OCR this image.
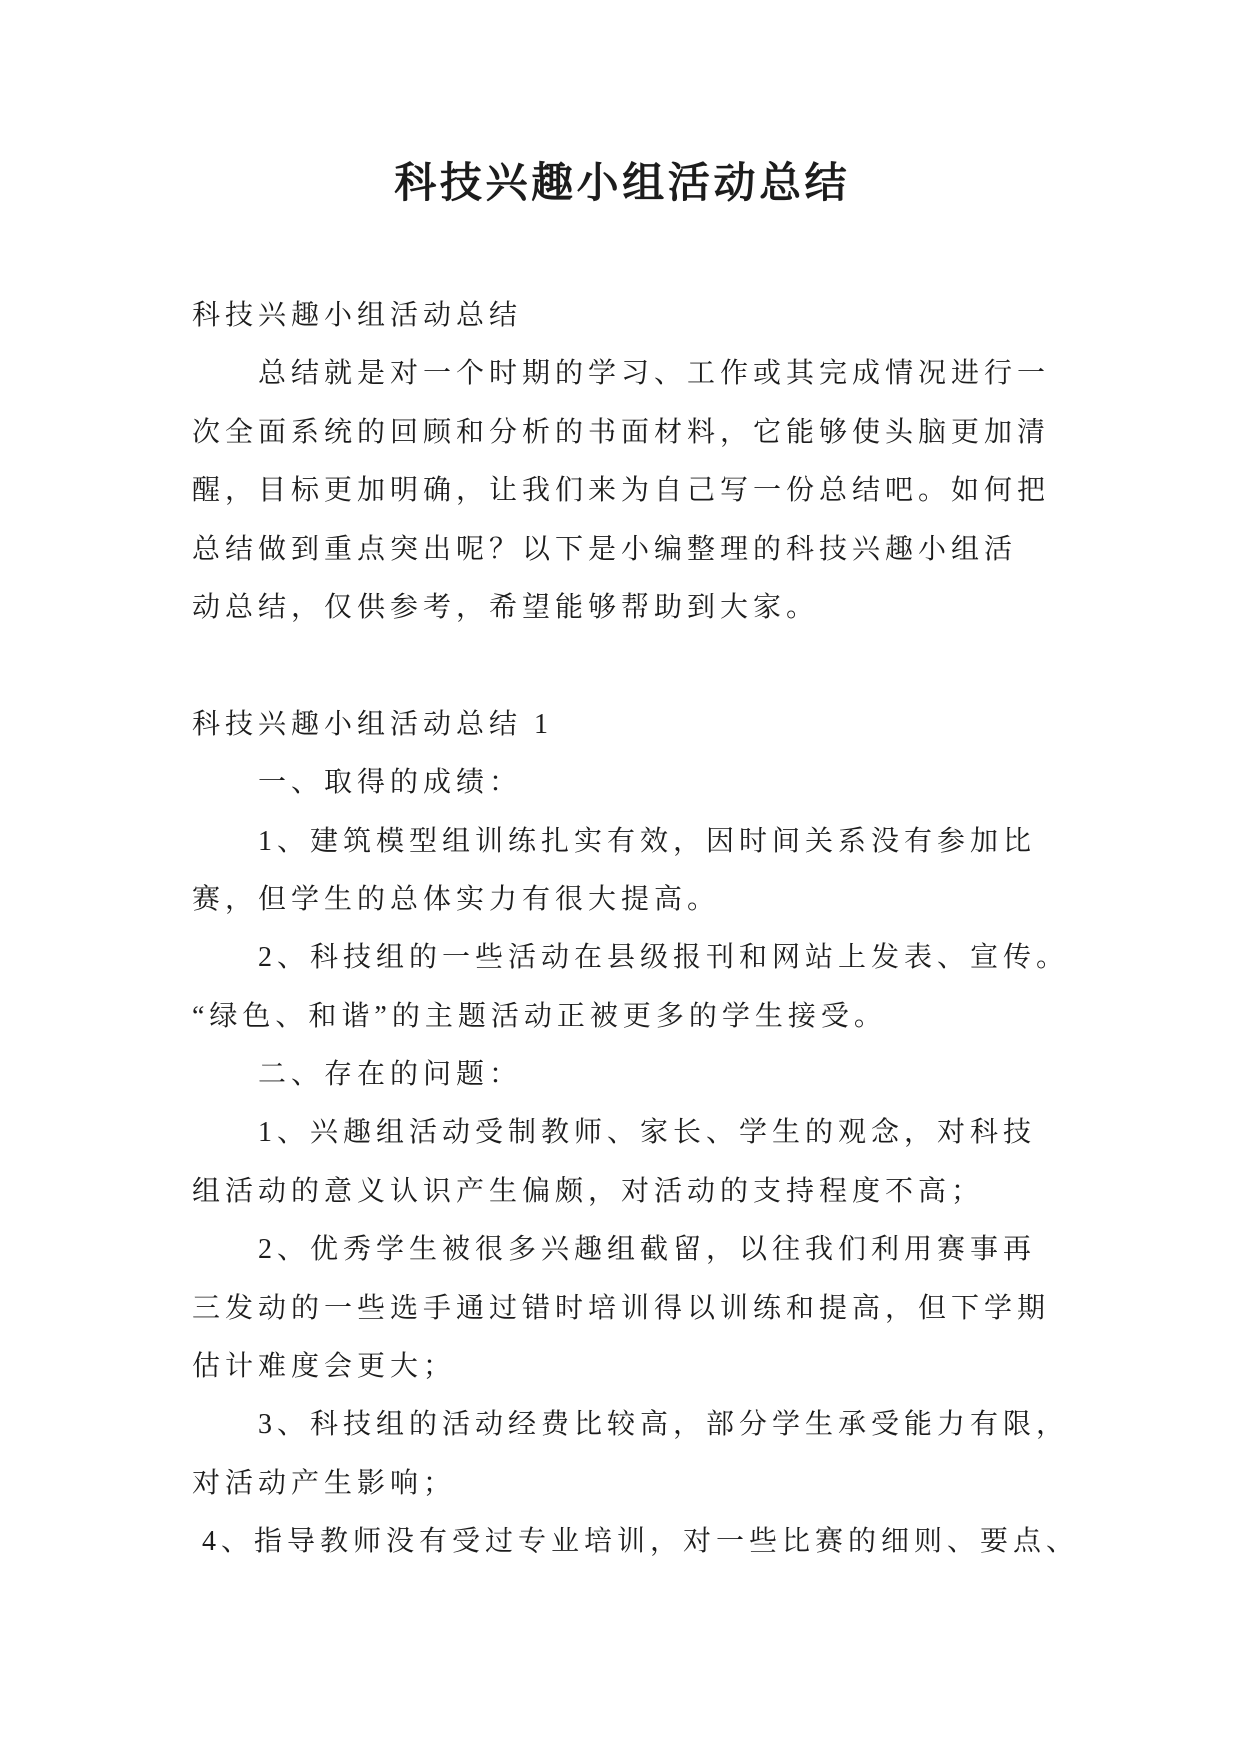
科技兴趣小组活动总结
科技兴趣小组活动总结
总结就是对一个时期的学习、工作或其完成情况进行一
次全面系统的回顾和分析的书面材料，它能够使头脑更加清
醒，目标更加明确，让我们来为自己写一份总结吧。如何把
总结做到重点突出呢？以下是小编整理的科技兴趣小组活
动总结，仅供参考，希望能够帮助到大家。
科技兴趣小组活动总结 1
一、取得的成绩：
1、建筑模型组训练扎实有效，因时间关系没有参加比
赛，但学生的总体实力有很大提高。
2、科技组的一些活动在县级报刊和网站上发表、宣传。
“绿色、和谐”的主题活动正被更多的学生接受。
二、存在的问题：
1、兴趣组活动受制教师、家长、学生的观念，对科技
组活动的意义认识产生偏颇，对活动的支持程度不高；
2、优秀学生被很多兴趣组截留，以往我们利用赛事再
三发动的一些选手通过错时培训得以训练和提高，但下学期
估计难度会更大；
3、科技组的活动经费比较高，部分学生承受能力有限，
对活动产生影响；
4、指导教师没有受过专业培训，对一些比赛的细则、要点、
